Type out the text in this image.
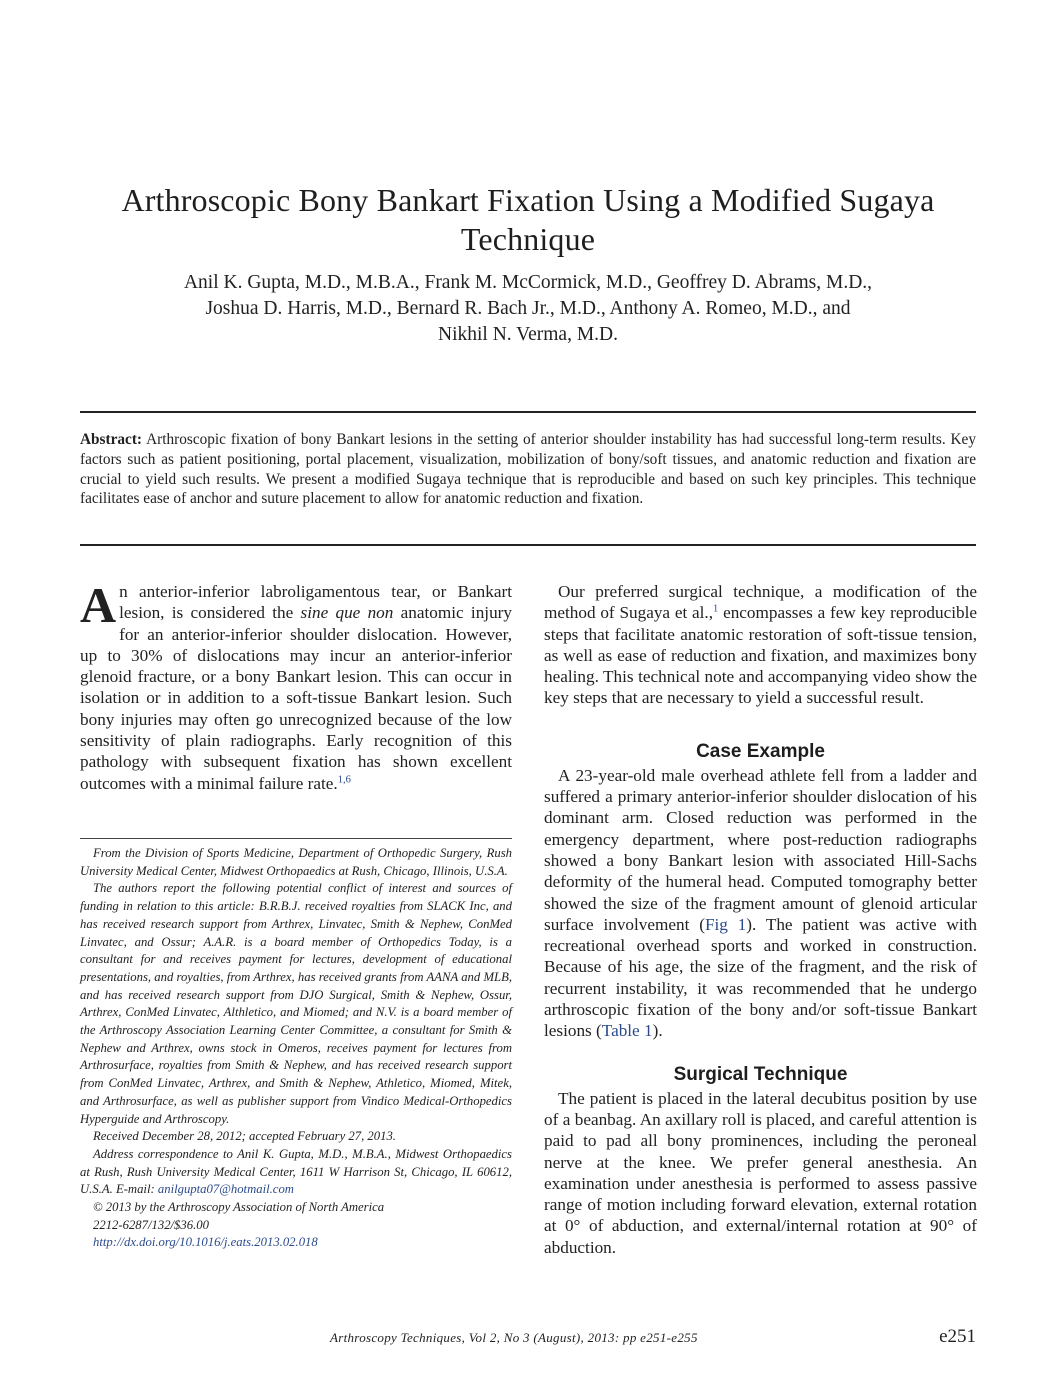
Arthroscopic Bony Bankart Fixation Using a Modified Sugaya Technique
Anil K. Gupta, M.D., M.B.A., Frank M. McCormick, M.D., Geoffrey D. Abrams, M.D.,
Joshua D. Harris, M.D., Bernard R. Bach Jr., M.D., Anthony A. Romeo, M.D., and
Nikhil N. Verma, M.D.
Abstract: Arthroscopic fixation of bony Bankart lesions in the setting of anterior shoulder instability has had successful long-term results. Key factors such as patient positioning, portal placement, visualization, mobilization of bony/soft tissues, and anatomic reduction and fixation are crucial to yield such results. We present a modified Sugaya technique that is reproducible and based on such key principles. This technique facilitates ease of anchor and suture placement to allow for anatomic reduction and fixation.

An anterior-inferior labroligamentous tear, or Bankart lesion, is considered the sine que non anatomic injury for an anterior-inferior shoulder dislocation. However, up to 30% of dislocations may incur an anterior-inferior glenoid fracture, or a bony Bankart lesion. This can occur in isolation or in addition to a soft-tissue Bankart lesion. Such bony injuries may often go unrecognized because of the low sensitivity of plain radiographs. Early recognition of this pathology with subsequent fixation has shown excellent outcomes with a minimal failure rate.$^{1,6}$

From the Division of Sports Medicine, Department of Orthopedic Surgery, Rush University Medical Center, Midwest Orthopaedics at Rush, Chicago, Illinois, U.S.A.

The authors report the following potential conflict of interest and sources of funding in relation to this article: B.R.B.J. received royalties from SLACK Inc, and has received research support from Arthrex, Linvatec, Smith & Nephew, ConMed Linvatec, and Ossur; A.A.R. is a board member of Orthopedics Today, is a consultant for and receives payment for lectures, development of educational presentations, and royalties, from Arthrex, has received grants from AANA and MLB, and has received research support from DJO Surgical, Smith & Nephew, Ossur, Arthrex, ConMed Linvatec, Althletico, and Miomed; and N.V. is a board member of the Arthroscopy Association Learning Center Committee, a consultant for Smith & Nephew and Arthrex, owns stock in Omeros, receives payment for lectures from Arthrosurface, royalties from Smith & Nephew, and has received research support from ConMed Linvatec, Arthrex, and Smith & Nephew, Athletico, Miomed, Mitek, and Arthrosurface, as well as publisher support from Vindico Medical-Orthopedics Hyperguide and Arthroscopy.

Received December 28, 2012; accepted February 27, 2013.

Address correspondence to Anil K. Gupta, M.D., M.B.A., Midwest Orthopaedics at Rush, Rush University Medical Center, 1611 W Harrison St, Chicago, IL 60612, U.S.A. E-mail: anilgupta07@hotmail.com

© 2013 by the Arthroscopy Association of North America

2212-6287/132/$36.00

http://dx.doi.org/10.1016/j.eats.2013.02.018

Our preferred surgical technique, a modification of the method of Sugaya et al.,$^1$ encompasses a few key reproducible steps that facilitate anatomic restoration of soft-tissue tension, as well as ease of reduction and fixation, and maximizes bony healing. This technical note and accompanying video show the key steps that are necessary to yield a successful result.

Case Example

A 23-year-old male overhead athlete fell from a ladder and suffered a primary anterior-inferior shoulder dislocation of his dominant arm. Closed reduction was performed in the emergency department, where post-reduction radiographs showed a bony Bankart lesion with associated Hill-Sachs deformity of the humeral head. Computed tomography better showed the size of the fragment amount of glenoid articular surface involvement (Fig 1). The patient was active with recreational overhead sports and worked in construction. Because of his age, the size of the fragment, and the risk of recurrent instability, it was recommended that he undergo arthroscopic fixation of the bony and/or soft-tissue Bankart lesions (Table 1).

Surgical Technique

The patient is placed in the lateral decubitus position by use of a beanbag. An axillary roll is placed, and careful attention is paid to pad all bony prominences, including the peroneal nerve at the knee. We prefer general anesthesia. An examination under anesthesia is performed to assess passive range of motion including forward elevation, external rotation at 0° of abduction, and external/internal rotation at 90° of abduction.

Arthroscopy Techniques, Vol 2, No 3 (August), 2013: pp e251-e255	e251
